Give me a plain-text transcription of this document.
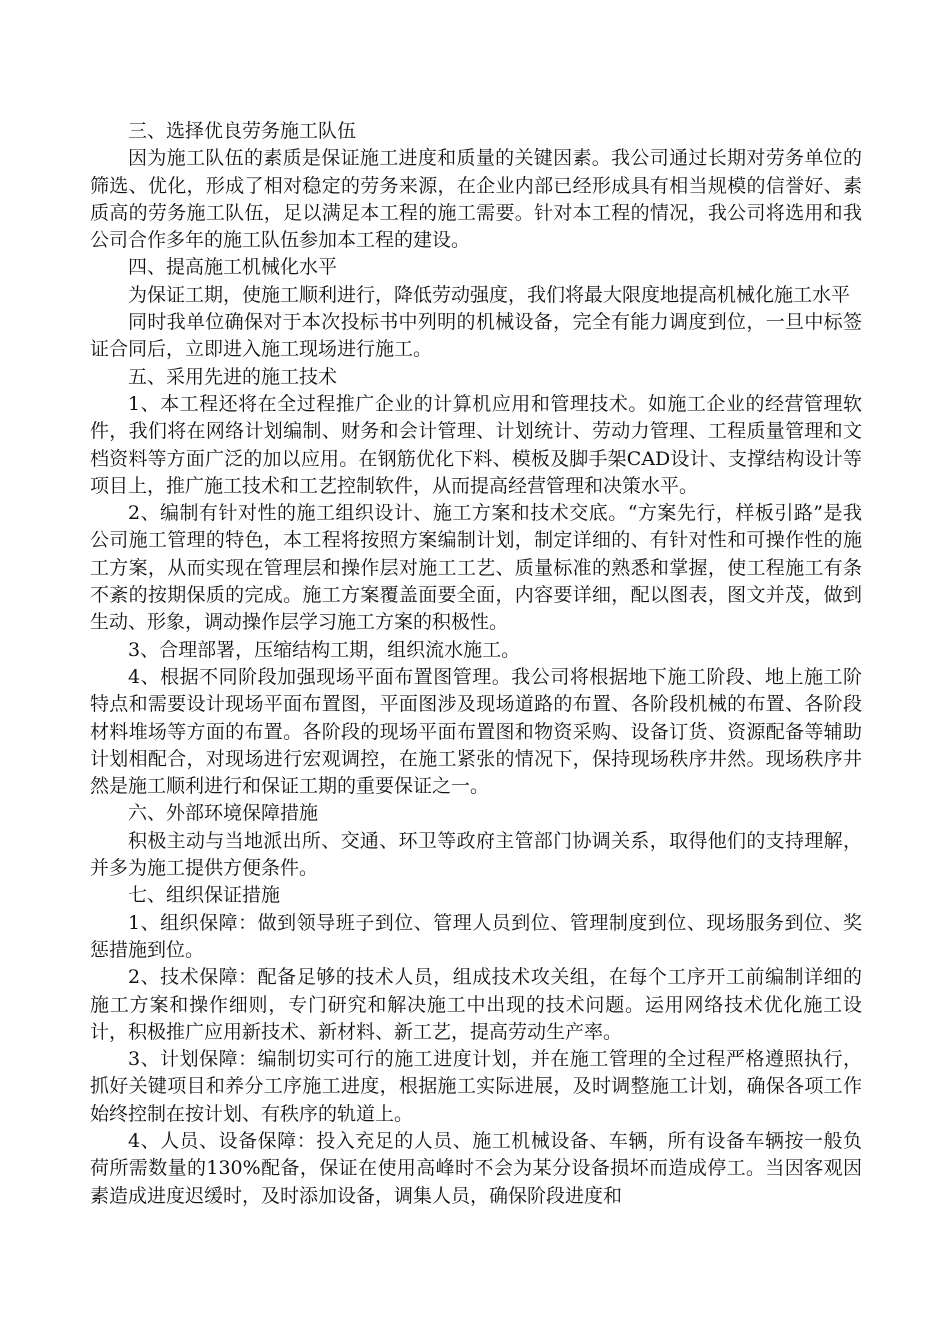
三、选择优良劳务施工队伍

因为施工队伍的素质是保证施工进度和质量的关键因素。我公司通过长期对劳务单位的筛选、优化，形成了相对稳定的劳务来源，在企业内部已经形成具有相当规模的信誉好、素质高的劳务施工队伍，足以满足本工程的施工需要。针对本工程的情况，我公司将选用和我公司合作多年的施工队伍参加本工程的建设。

四、提高施工机械化水平

为保证工期，使施工顺利进行，降低劳动强度，我们将最大限度地提高机械化施工水平

同时我单位确保对于本次投标书中列明的机械设备，完全有能力调度到位，一旦中标签证合同后，立即进入施工现场进行施工。

五、采用先进的施工技术

1、本工程还将在全过程推广企业的计算机应用和管理技术。如施工企业的经营管理软件，我们将在网络计划编制、财务和会计管理、计划统计、劳动力管理、工程质量管理和文档资料等方面广泛的加以应用。在钢筋优化下料、模板及脚手架CAD设计、支撑结构设计等项目上，推广施工技术和工艺控制软件，从而提高经营管理和决策水平。

2、编制有针对性的施工组织设计、施工方案和技术交底。“方案先行，样板引路”是我公司施工管理的特色，本工程将按照方案编制计划，制定详细的、有针对性和可操作性的施工方案，从而实现在管理层和操作层对施工工艺、质量标准的熟悉和掌握，使工程施工有条不紊的按期保质的完成。施工方案覆盖面要全面，内容要详细，配以图表，图文并茂，做到生动、形象，调动操作层学习施工方案的积极性。

3、合理部署，压缩结构工期，组织流水施工。

4、根据不同阶段加强现场平面布置图管理。我公司将根据地下施工阶段、地上施工阶特点和需要设计现场平面布置图，平面图涉及现场道路的布置、各阶段机械的布置、各阶段材料堆场等方面的布置。各阶段的现场平面布置图和物资采购、设备订货、资源配备等辅助计划相配合，对现场进行宏观调控，在施工紧张的情况下，保持现场秩序井然。现场秩序井然是施工顺利进行和保证工期的重要保证之一。

六、外部环境保障措施

积极主动与当地派出所、交通、环卫等政府主管部门协调关系，取得他们的支持理解，并多为施工提供方便条件。

七、组织保证措施

1、组织保障：做到领导班子到位、管理人员到位、管理制度到位、现场服务到位、奖惩措施到位。

2、技术保障：配备足够的技术人员，组成技术攻关组，在每个工序开工前编制详细的施工方案和操作细则，专门研究和解决施工中出现的技术问题。运用网络技术优化施工设计，积极推广应用新技术、新材料、新工艺，提高劳动生产率。

3、计划保障：编制切实可行的施工进度计划，并在施工管理的全过程严格遵照执行，抓好关键项目和养分工序施工进度，根据施工实际进展，及时调整施工计划，确保各项工作始终控制在按计划、有秩序的轨道上。

4、人员、设备保障：投入充足的人员、施工机械设备、车辆，所有设备车辆按一般负荷所需数量的130%配备，保证在使用高峰时不会为某分设备损坏而造成停工。当因客观因素造成进度迟缓时，及时添加设备，调集人员，确保阶段进度和
